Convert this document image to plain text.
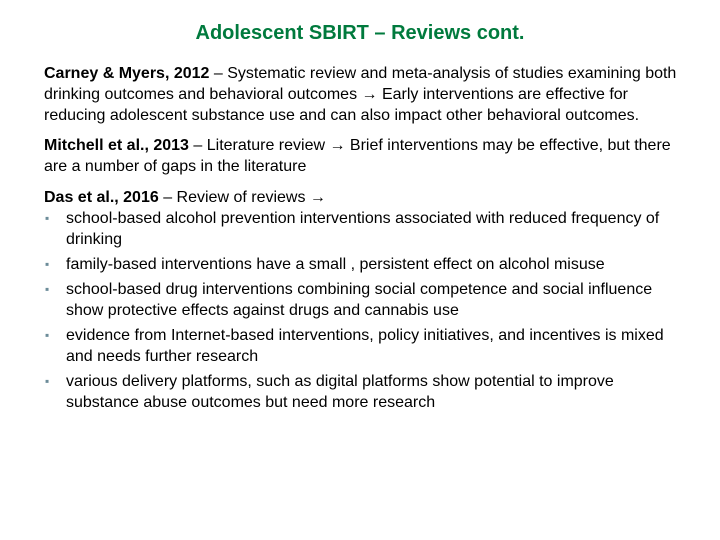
Adolescent SBIRT – Reviews cont.

Carney & Myers, 2012 – Systematic review and meta-analysis of studies examining both drinking outcomes and behavioral outcomes → Early interventions are effective for reducing adolescent substance use and can also impact other behavioral outcomes.

Mitchell et al., 2013 – Literature review → Brief interventions may be effective, but there are a number of gaps in the literature

Das et al., 2016 – Review of reviews →

▪	school-based alcohol prevention interventions associated with reduced frequency of drinking
▪	family-based interventions have a small , persistent effect on alcohol misuse
▪	school-based drug interventions combining social competence and social influence show protective effects against drugs and cannabis use
▪	evidence from Internet-based interventions, policy initiatives, and incentives is mixed and needs further research
▪	various delivery platforms, such as digital platforms show potential to improve substance abuse outcomes but need more research
